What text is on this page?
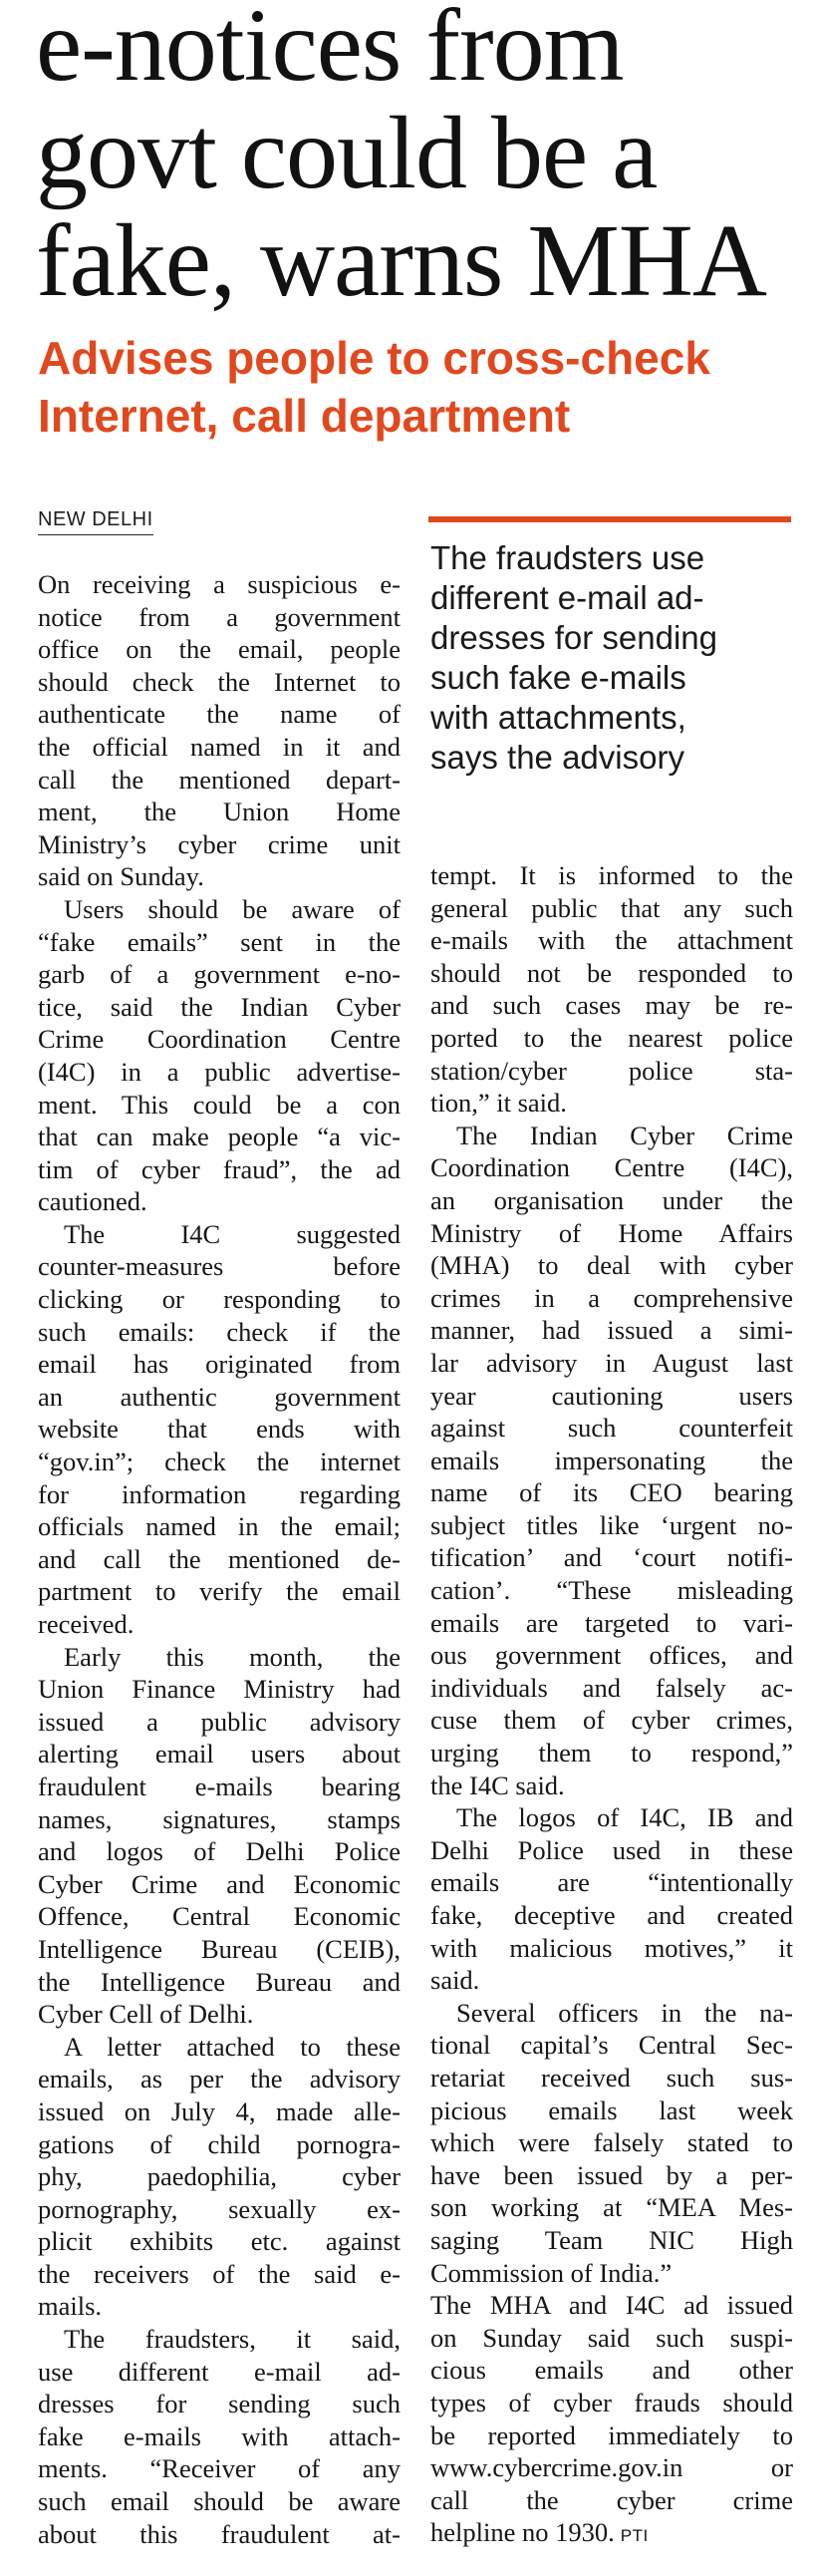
e-notices from
govt could be a
fake, warns MHA
Advises people to cross-check
Internet, call department
NEW DELHI
The fraudsters use
different e-mail ad-
dresses for sending
such fake e-mails
with attachments,
says the advisory
On receiving a suspicious e-
notice from a government
office on the email, people
should check the Internet to
authenticate the name of
the official named in it and
call the mentioned depart-
ment, the Union Home
Ministry’s cyber crime unit
said on Sunday.
Users should be aware of
“fake emails” sent in the
garb of a government e-no-
tice, said the Indian Cyber
Crime Coordination Centre
(I4C) in a public advertise-
ment. This could be a con
that can make people “a vic-
tim of cyber fraud”, the ad
cautioned.
The I4C suggested
counter-measures before
clicking or responding to
such emails: check if the
email has originated from
an authentic government
website that ends with
“gov.in”; check the internet
for information regarding
officials named in the email;
and call the mentioned de-
partment to verify the email
received.
Early this month, the
Union Finance Ministry had
issued a public advisory
alerting email users about
fraudulent e-mails bearing
names, signatures, stamps
and logos of Delhi Police
Cyber Crime and Economic
Offence, Central Economic
Intelligence Bureau (CEIB),
the Intelligence Bureau and
Cyber Cell of Delhi.
A letter attached to these
emails, as per the advisory
issued on July 4, made alle-
gations of child pornogra-
phy, paedophilia, cyber
pornography, sexually ex-
plicit exhibits etc. against
the receivers of the said e-
mails.
The fraudsters, it said,
use different e-mail ad-
dresses for sending such
fake e-mails with attach-
ments. “Receiver of any
such email should be aware
about this fraudulent at-
tempt. It is informed to the
general public that any such
e-mails with the attachment
should not be responded to
and such cases may be re-
ported to the nearest police
station/cyber police sta-
tion,” it said.
The Indian Cyber Crime
Coordination Centre (I4C),
an organisation under the
Ministry of Home Affairs
(MHA) to deal with cyber
crimes in a comprehensive
manner, had issued a simi-
lar advisory in August last
year cautioning users
against such counterfeit
emails impersonating the
name of its CEO bearing
subject titles like ‘urgent no-
tification’ and ‘court notifi-
cation’. “These misleading
emails are targeted to vari-
ous government offices, and
individuals and falsely ac-
cuse them of cyber crimes,
urging them to respond,”
the I4C said.
The logos of I4C, IB and
Delhi Police used in these
emails are “intentionally
fake, deceptive and created
with malicious motives,” it
said.
Several officers in the na-
tional capital’s Central Sec-
retariat received such sus-
picious emails last week
which were falsely stated to
have been issued by a per-
son working at “MEA Mes-
saging Team NIC High
Commission of India.”
The MHA and I4C ad issued
on Sunday said such suspi-
cious emails and other
types of cyber frauds should
be reported immediately to
www.cybercrime.gov.in or
call the cyber crime
helpline no 1930. PTI
